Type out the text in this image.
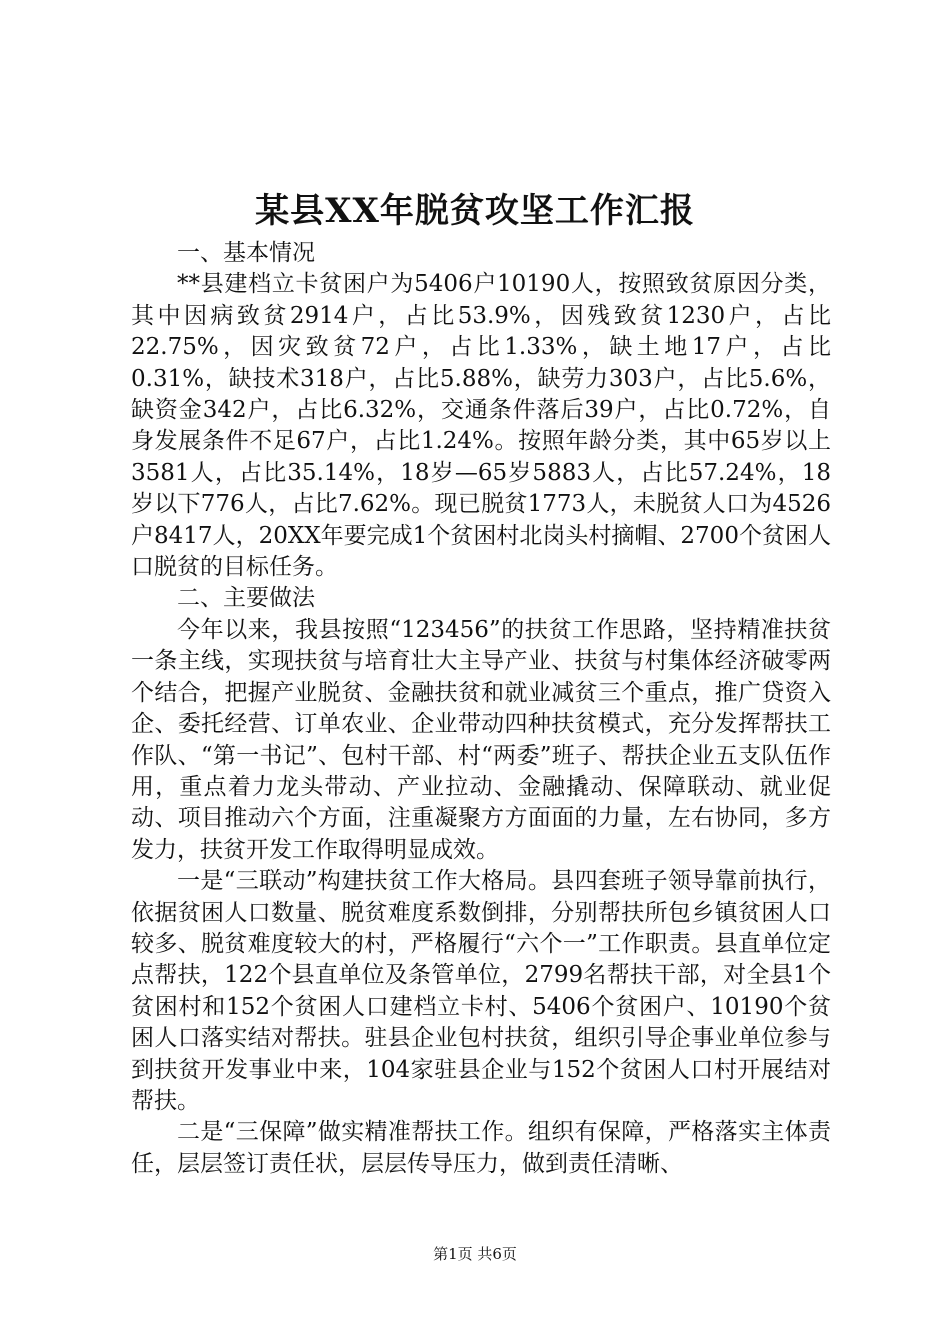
某县XX年脱贫攻坚工作汇报

一、基本情况

**县建档立卡贫困户为5406户10190人，按照致贫原因分类，其中因病致贫2914户，占比53.9%，因残致贫1230户，占比22.75%，因灾致贫72户，占比1.33%，缺土地17户，占比0.31%，缺技术318户，占比5.88%，缺劳力303户，占比5.6%，缺资金342户，占比6.32%，交通条件落后39户，占比0.72%，自身发展条件不足67户，占比1.24%。按照年龄分类，其中65岁以上3581人，占比35.14%，18岁—65岁5883人，占比57.24%，18岁以下776人，占比7.62%。现已脱贫1773人，未脱贫人口为4526户8417人，20XX年要完成1个贫困村北岗头村摘帽、2700个贫困人口脱贫的目标任务。

二、主要做法

今年以来，我县按照“123456”的扶贫工作思路，坚持精准扶贫一条主线，实现扶贫与培育壮大主导产业、扶贫与村集体经济破零两个结合，把握产业脱贫、金融扶贫和就业减贫三个重点，推广贷资入企、委托经营、订单农业、企业带动四种扶贫模式，充分发挥帮扶工作队、“第一书记”、包村干部、村“两委”班子、帮扶企业五支队伍作用，重点着力龙头带动、产业拉动、金融撬动、保障联动、就业促动、项目推动六个方面，注重凝聚方方面面的力量，左右协同，多方发力，扶贫开发工作取得明显成效。

一是“三联动”构建扶贫工作大格局。县四套班子领导靠前执行，依据贫困人口数量、脱贫难度系数倒排，分别帮扶所包乡镇贫困人口较多、脱贫难度较大的村，严格履行“六个一”工作职责。县直单位定点帮扶，122个县直单位及条管单位，2799名帮扶干部，对全县1个贫困村和152个贫困人口建档立卡村、5406个贫困户、10190个贫困人口落实结对帮扶。驻县企业包村扶贫，组织引导企事业单位参与到扶贫开发事业中来，104家驻县企业与152个贫困人口村开展结对帮扶。

二是“三保障”做实精准帮扶工作。组织有保障，严格落实主体责任，层层签订责任状，层层传导压力，做到责任清晰、

第1页 共6页
